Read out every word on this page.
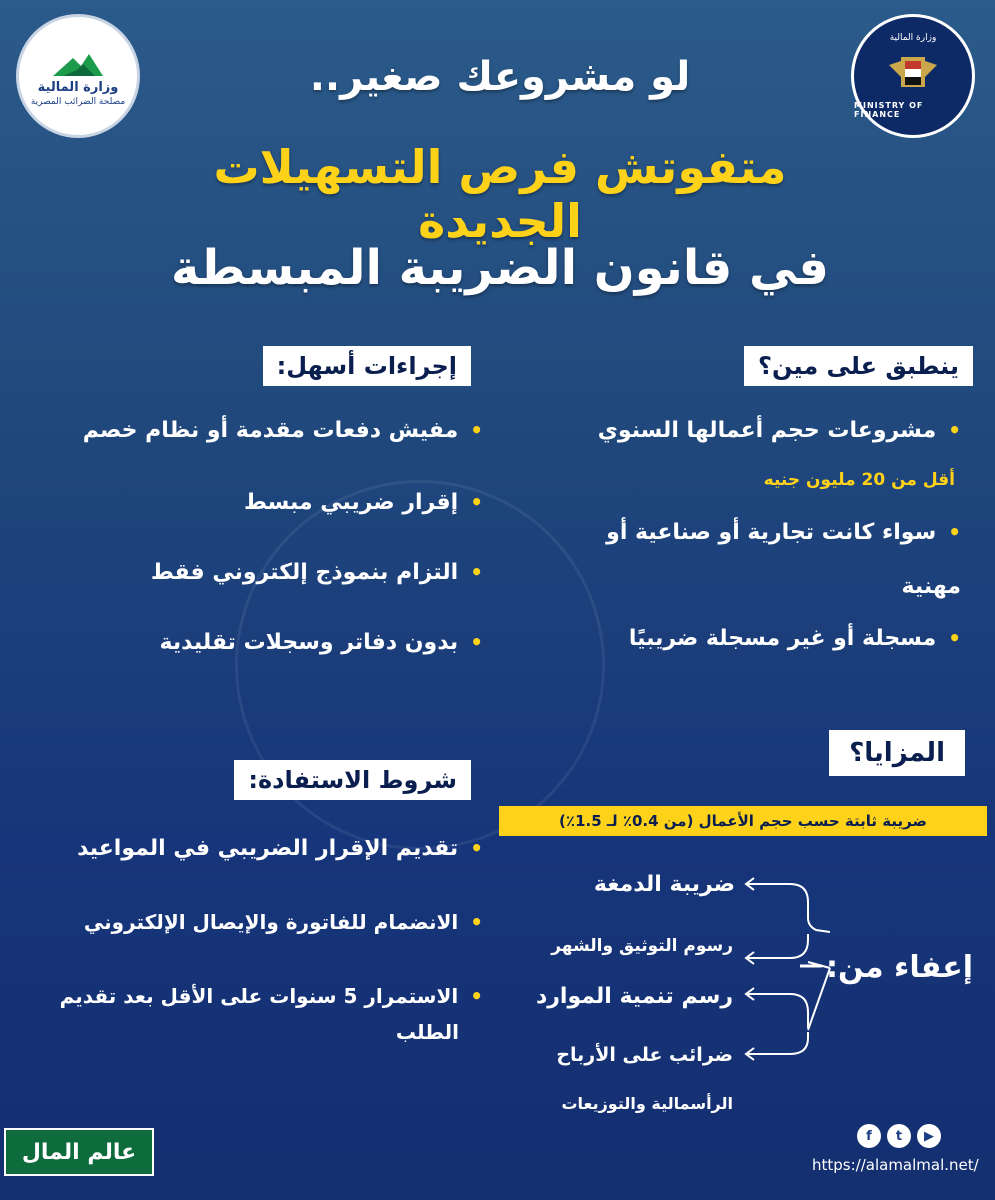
وزارة المالية
مصلحة الضرائب المصرية
وزارة المالية
MINISTRY OF FINANCE
لو مشروعك صغير..
متفوتش فرص التسهيلات الجديدة
في قانون الضريبة المبسطة
ينطبق على مين؟
•مشروعات حجم أعمالها السنوي
أقل من 20 مليون جنيه
•سواء كانت تجارية أو صناعية أو
مهنية
•مسجلة أو غير مسجلة ضريبيًا
إجراءات أسهل:
•مفيش دفعات مقدمة أو نظام خصم
•إقرار ضريبي مبسط
•التزام بنموذج إلكتروني فقط
•بدون دفاتر وسجلات تقليدية
المزايا؟
ضريبة ثابتة حسب حجم الأعمال (من 0.4٪ لـ 1.5٪)
ضريبة الدمغة
رسوم التوثيق والشهر
رسم تنمية الموارد
ضرائب على الأرباح
الرأسمالية والتوزيعات
إعفاء من:
شروط الاستفادة:
•تقديم الإقرار الضريبي في المواعيد
•الانضمام للفاتورة والإيصال الإلكتروني
•الاستمرار 5 سنوات على الأقل بعد تقديم
الطلب
عالم المال
f	t	▶
https://alamalmal.net/
